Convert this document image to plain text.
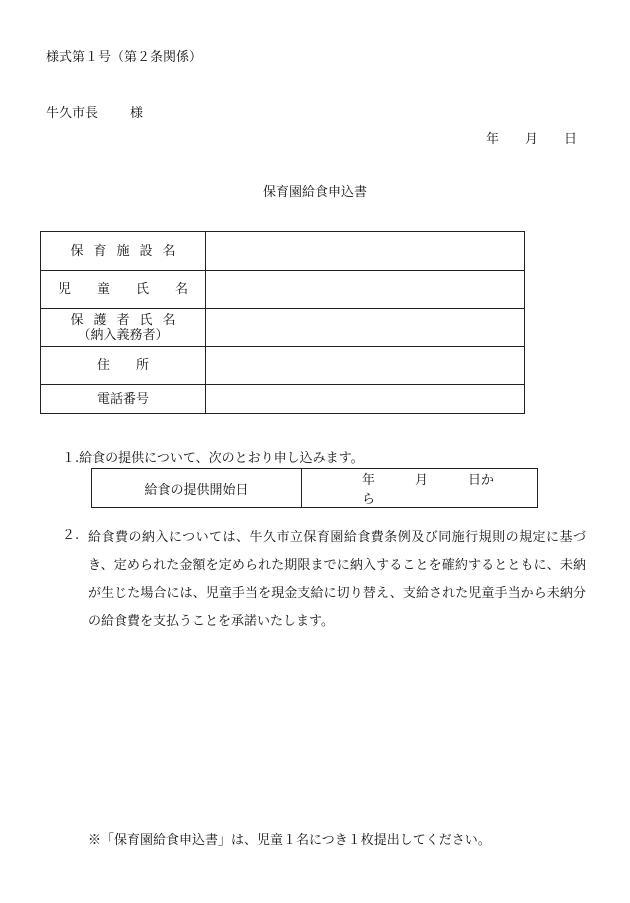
様式第１号（第２条関係）
牛久市長 様
年 月 日
保育園給食申込書
保育施設名	
児童氏名	

保護者氏名
（納入義務者）	

住所	
電話番号	
１.給食の提供について、次のとおり申し込みます。
給食の提供開始日	年	月	日から
２. 給食費の納入については、牛久市立保育園給食費条例及び同施行規則の規定に基づき、定められた金額を定められた期限までに納入することを確約するとともに、未納が生じた場合には、児童手当を現金支給に切り替え、支給された児童手当から未納分の給食費を支払うことを承諾いたします。
※「保育園給食申込書」は、児童１名につき１枚提出してください。
